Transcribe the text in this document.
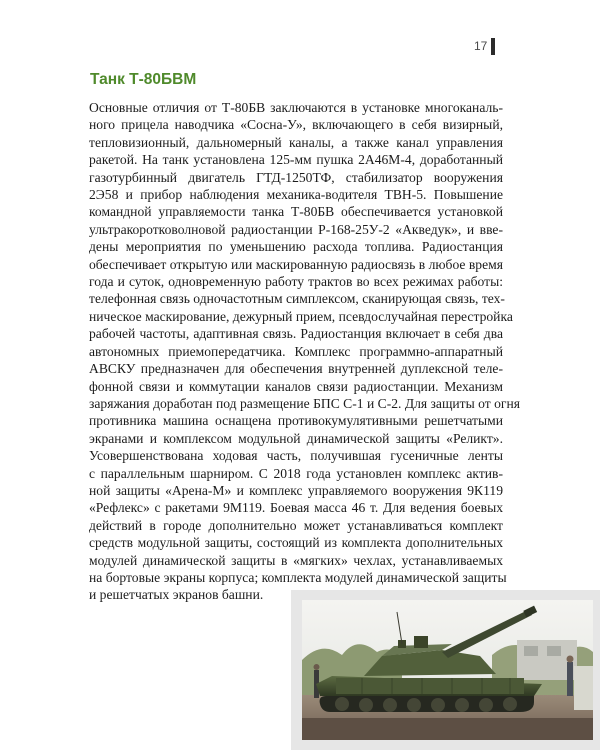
17
Танк Т-80БВМ

Основные отличия от Т-80БВ заключаются в установке многоканаль-
ного прицела наводчика «Сосна-У», включающего в себя визирный,
тепловизионный, дальномерный каналы, а также канал управления
ракетой. На танк установлена 125-мм пушка 2А46М-4, доработанный
газотурбинный двигатель ГТД-1250ТФ, стабилизатор вооружения
2Э58 и прибор наблюдения механика-водителя ТВН-5. Повышение
командной управляемости танка Т-80БВ обеспечивается установкой
ультракоротковолновой радиостанции Р-168-25У-2 «Акведук», и вве-
дены мероприятия по уменьшению расхода топлива. Радиостанция
обеспечивает открытую или маскированную радиосвязь в любое время
года и суток, одновременную работу трактов во всех режимах работы:
телефонная связь одночастотным симплексом, сканирующая связь, тех-
ническое маскирование, дежурный прием, псевдослучайная перестройка
рабочей частоты, адаптивная связь. Радиостанция включает в себя два
автономных приемопередатчика. Комплекс программно-аппаратный
АВСКУ предназначен для обеспечения внутренней дуплексной теле-
фонной связи и коммутации каналов связи радиостанции. Механизм
заряжания доработан под размещение БПС С-1 и С-2. Для защиты от огня
противника машина оснащена противокумулятивными решетчатыми
экранами и комплексом модульной динамической защиты «Реликт».
Усовершенствована ходовая часть, получившая гусеничные ленты
с параллельным шарниром. С 2018 года установлен комплекс актив-
ной защиты «Арена-М» и комплекс управляемого вооружения 9К119
«Рефлекс» с ракетами 9М119. Боевая масса 46 т. Для ведения боевых
действий в городе дополнительно может устанавливаться комплект
средств модульной защиты, состоящий из комплекта дополнительных
модулей динамической защиты в «мягких» чехлах, устанавливаемых
на бортовые экраны корпуса; комплекта модулей динамической защиты
и решетчатых экранов башни.
